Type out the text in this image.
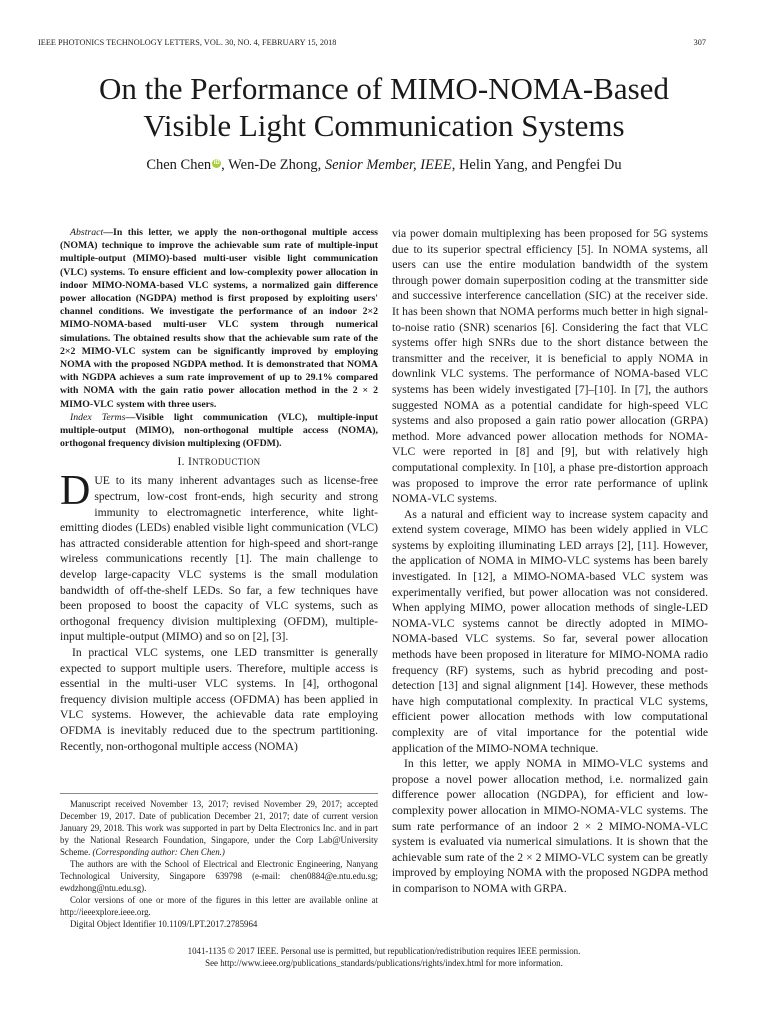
IEEE PHOTONICS TECHNOLOGY LETTERS, VOL. 30, NO. 4, FEBRUARY 15, 2018	307
On the Performance of MIMO-NOMA-Based
Visible Light Communication Systems
Chen Chen iD , Wen-De Zhong, Senior Member, IEEE, Helin Yang, and Pengfei Du

Abstract—In this letter, we apply the non-orthogonal multiple access (NOMA) technique to improve the achievable sum rate of multiple-input multiple-output (MIMO)-based multi-user visible light communication (VLC) systems. To ensure efficient and low-complexity power allocation in indoor MIMO-NOMA-based VLC systems, a normalized gain difference power allocation (NGDPA) method is first proposed by exploiting users' channel conditions. We investigate the performance of an indoor 2×2 MIMO-NOMA-based multi-user VLC system through numerical simulations. The obtained results show that the achievable sum rate of the 2×2 MIMO-VLC system can be significantly improved by employing NOMA with the proposed NGDPA method. It is demonstrated that NOMA with NGDPA achieves a sum rate improvement of up to 29.1% compared with NOMA with the gain ratio power allocation method in the 2 × 2 MIMO-VLC system with three users.

Index Terms—Visible light communication (VLC), multiple-input multiple-output (MIMO), non-orthogonal multiple access (NOMA), orthogonal frequency division multiplexing (OFDM).

I. INTRODUCTION

DUE to its many inherent advantages such as license-free spectrum, low-cost front-ends, high security and strong immunity to electromagnetic interference, white light-emitting diodes (LEDs) enabled visible light communication (VLC) has attracted considerable attention for high-speed and short-range wireless communications recently [1]. The main challenge to develop large-capacity VLC systems is the small modulation bandwidth of off-the-shelf LEDs. So far, a few techniques have been proposed to boost the capacity of VLC systems, such as orthogonal frequency division multiplexing (OFDM), multiple-input multiple-output (MIMO) and so on [2], [3].

In practical VLC systems, one LED transmitter is generally expected to support multiple users. Therefore, multiple access is essential in the multi-user VLC systems. In [4], orthogonal frequency division multiple access (OFDMA) has been applied in VLC systems. However, the achievable data rate employing OFDMA is inevitably reduced due to the spectrum partitioning. Recently, non-orthogonal multiple access (NOMA)

Manuscript received November 13, 2017; revised November 29, 2017; accepted December 19, 2017. Date of publication December 21, 2017; date of current version January 29, 2018. This work was supported in part by Delta Electronics Inc. and in part by the National Research Foundation, Singapore, under the Corp Lab@University Scheme. (Corresponding author: Chen Chen.)

The authors are with the School of Electrical and Electronic Engineering, Nanyang Technological University, Singapore 639798 (e-mail: chen0884@e.ntu.edu.sg; ewdzhong@ntu.edu.sg).

Color versions of one or more of the figures in this letter are available online at http://ieeexplore.ieee.org.

Digital Object Identifier 10.1109/LPT.2017.2785964

via power domain multiplexing has been proposed for 5G systems due to its superior spectral efficiency [5]. In NOMA systems, all users can use the entire modulation bandwidth of the system through power domain superposition coding at the transmitter side and successive interference cancellation (SIC) at the receiver side. It has been shown that NOMA performs much better in high signal-to-noise ratio (SNR) scenarios [6]. Considering the fact that VLC systems offer high SNRs due to the short distance between the transmitter and the receiver, it is beneficial to apply NOMA in downlink VLC systems. The performance of NOMA-based VLC systems has been widely investigated [7]–[10]. In [7], the authors suggested NOMA as a potential candidate for high-speed VLC systems and also proposed a gain ratio power allocation (GRPA) method. More advanced power allocation methods for NOMA-VLC were reported in [8] and [9], but with relatively high computational complexity. In [10], a phase pre-distortion approach was proposed to improve the error rate performance of uplink NOMA-VLC systems.

As a natural and efficient way to increase system capacity and extend system coverage, MIMO has been widely applied in VLC systems by exploiting illuminating LED arrays [2], [11]. However, the application of NOMA in MIMO-VLC systems has been barely investigated. In [12], a MIMO-NOMA-based VLC system was experimentally verified, but power allocation was not considered. When applying MIMO, power allocation methods of single-LED NOMA-VLC systems cannot be directly adopted in MIMO-NOMA-based VLC systems. So far, several power allocation methods have been proposed in literature for MIMO-NOMA radio frequency (RF) systems, such as hybrid precoding and post-detection [13] and signal alignment [14]. However, these methods have high computational complexity. In practical VLC systems, efficient power allocation methods with low computational complexity are of vital importance for the potential wide application of the MIMO-NOMA technique.

In this letter, we apply NOMA in MIMO-VLC systems and propose a novel power allocation method, i.e. normalized gain difference power allocation (NGDPA), for efficient and low-complexity power allocation in MIMO-NOMA-VLC systems. The sum rate performance of an indoor 2 × 2 MIMO-NOMA-VLC system is evaluated via numerical simulations. It is shown that the achievable sum rate of the 2 × 2 MIMO-VLC system can be greatly improved by employing NOMA with the proposed NGDPA method in comparison to NOMA with GRPA.

1041-1135 © 2017 IEEE. Personal use is permitted, but republication/redistribution requires IEEE permission.
See http://www.ieee.org/publications_standards/publications/rights/index.html for more information.
